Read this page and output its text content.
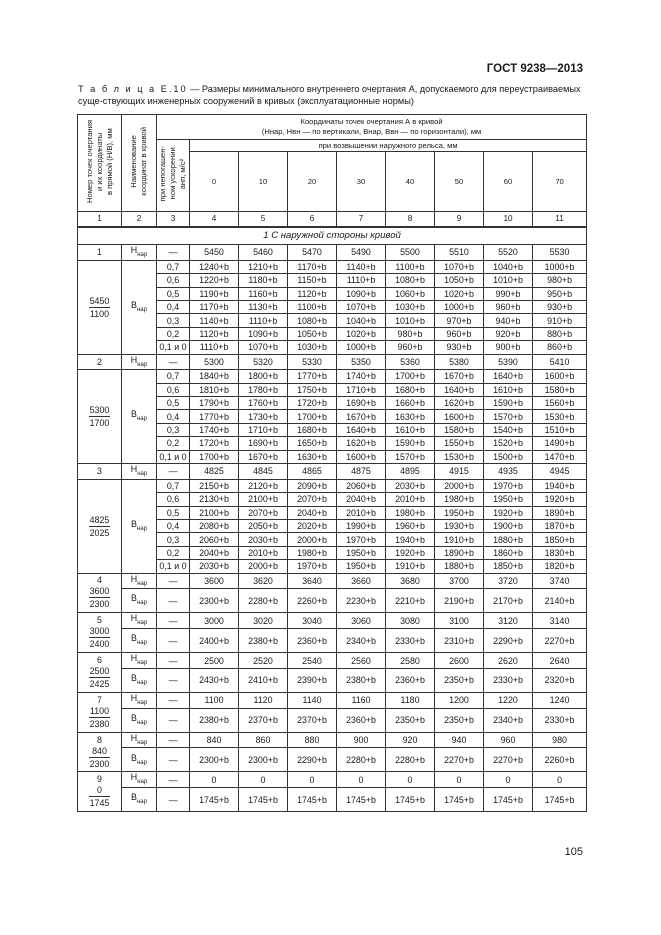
ГОСТ 9238—2013
Т а б л и ц а Е.10 — Размеры минимального внутреннего очертания А, допускаемого для переустраиваемых суще-ствующих инженерных сооружений в кривых (эксплуатационные нормы)
Номер точек очертания
и их координаты
в прямой (H/B), мм	Наименование
координат в кривой	Координаты точек очертания А в кривой
(Ннар, Нвн — по вертикали, Внар, Ввн — по горизонтали), мм								
		при непогашен-
ном ускорении
aнп, м/с²	при возвышении наружного рельса, мм							
			0	10	20	30	40	50	60	70
1	2	3	4	5	6	7	8	9	10	11
1 С наружной стороны кривой										
1	$Н_{нар}$	—	5450	5460	5470	5490	5500	5510	5520	5530

$\frac{5450}{1100}$	$В_{нар}$	0,7	1240+b	1210+b	1170+b	1140+b	1100+b	1070+b	1040+b	1000+b
		0,6	1220+b	1180+b	1150+b	1110+b	1080+b	1050+b	1010+b	980+b
		0,5	1190+b	1160+b	1120+b	1090+b	1060+b	1020+b	990+b	950+b
		0,4	1170+b	1130+b	1100+b	1070+b	1030+b	1000+b	960+b	930+b
		0,3	1140+b	1110+b	1080+b	1040+b	1010+b	970+b	940+b	910+b
		0,2	1120+b	1090+b	1050+b	1020+b	980+b	960+b	920+b	880+b
		0,1 и 0	1110+b	1070+b	1030+b	1000+b	960+b	930+b	900+b	860+b
2	$Н_{нар}$	—	5300	5320	5330	5350	5360	5380	5390	5410

$\frac{5300}{1700}$	$В_{нар}$	0,7	1840+b	1800+b	1770+b	1740+b	1700+b	1670+b	1640+b	1600+b
		0,6	1810+b	1780+b	1750+b	1710+b	1680+b	1640+b	1610+b	1580+b
		0,5	1790+b	1760+b	1720+b	1690+b	1660+b	1620+b	1590+b	1560+b
		0,4	1770+b	1730+b	1700+b	1670+b	1630+b	1600+b	1570+b	1530+b
		0,3	1740+b	1710+b	1680+b	1640+b	1610+b	1580+b	1540+b	1510+b
		0,2	1720+b	1690+b	1650+b	1620+b	1590+b	1550+b	1520+b	1490+b
		0,1 и 0	1700+b	1670+b	1630+b	1600+b	1570+b	1530+b	1500+b	1470+b
3	$Н_{нар}$	—	4825	4845	4865	4875	4895	4915	4935	4945

$\frac{4825}{2025}$	$В_{нар}$	0,7	2150+b	2120+b	2090+b	2060+b	2030+b	2000+b	1970+b	1940+b
		0,6	2130+b	2100+b	2070+b	2040+b	2010+b	1980+b	1950+b	1920+b
		0,5	2100+b	2070+b	2040+b	2010+b	1980+b	1950+b	1920+b	1890+b
		0,4	2080+b	2050+b	2020+b	1990+b	1960+b	1930+b	1900+b	1870+b
		0,3	2060+b	2030+b	2000+b	1970+b	1940+b	1910+b	1880+b	1850+b
		0,2	2040+b	2010+b	1980+b	1950+b	1920+b	1890+b	1860+b	1830+b
		0,1 и 0	2030+b	2000+b	1970+b	1950+b	1910+b	1880+b	1850+b	1820+b

4
$\frac{3600}{2300}$	$Н_{нар}$	—	3600	3620	3640	3660	3680	3700	3720	3740
	$В_{нар}$	—	2300+b	2280+b	2260+b	2230+b	2210+b	2190+b	2170+b	2140+b

5
$\frac{3000}{2400}$	$Н_{нар}$	—	3000	3020	3040	3060	3080	3100	3120	3140
	$В_{нар}$	—	2400+b	2380+b	2360+b	2340+b	2330+b	2310+b	2290+b	2270+b

6
$\frac{2500}{2425}$	$Н_{нар}$	—	2500	2520	2540	2560	2580	2600	2620	2640
	$В_{нар}$	—	2430+b	2410+b	2390+b	2380+b	2360+b	2350+b	2330+b	2320+b

7
$\frac{1100}{2380}$	$Н_{нар}$	—	1100	1120	1140	1160	1180	1200	1220	1240
	$В_{нар}$	—	2380+b	2370+b	2370+b	2360+b	2350+b	2350+b	2340+b	2330+b

8
$\frac{840}{2300}$	$Н_{нар}$	—	840	860	880	900	920	940	960	980
	$В_{нар}$	—	2300+b	2300+b	2290+b	2280+b	2280+b	2270+b	2270+b	2260+b

9
$\frac{0}{1745}$	$Н_{нар}$	—	0	0	0	0	0	0	0	0
	$В_{нар}$	—	1745+b	1745+b	1745+b	1745+b	1745+b	1745+b	1745+b	1745+b
105
